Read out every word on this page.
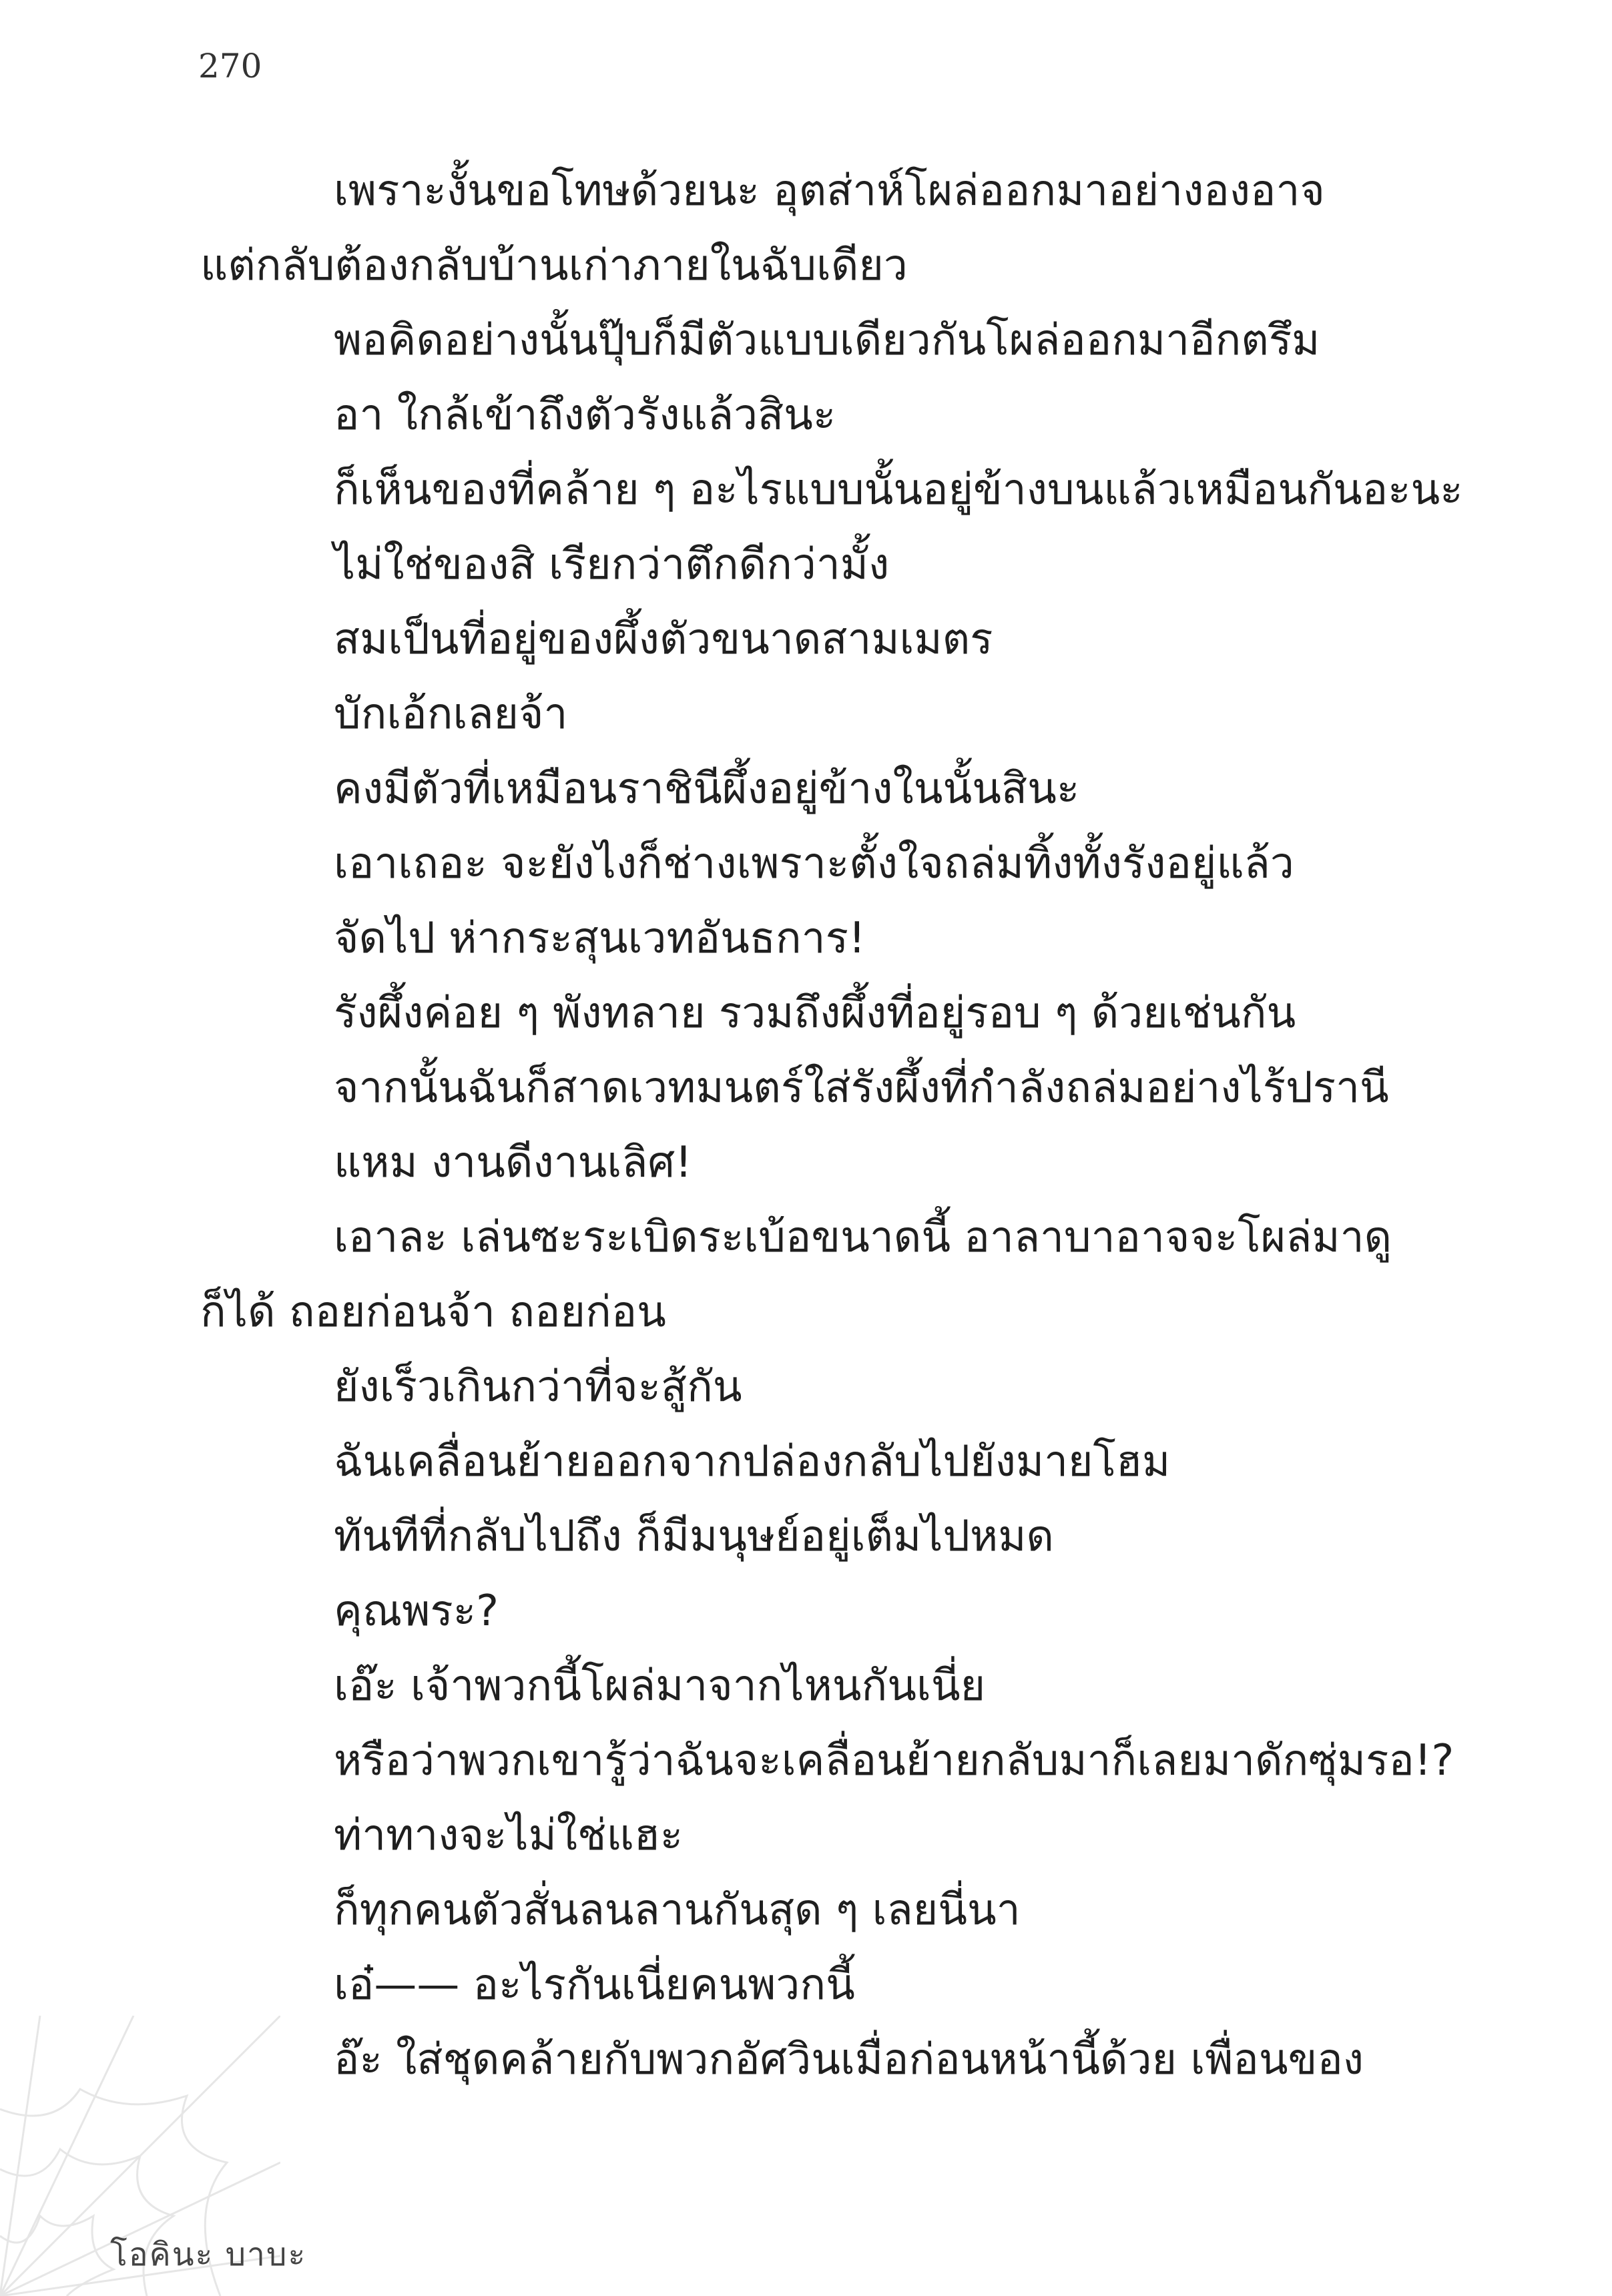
270
เพราะงั้นขอโทษด้วยนะ อุตส่าห์โผล่ออกมาอย่างองอาจ
แต่กลับต้องกลับบ้านเก่าภายในฉับเดียว
พอคิดอย่างนั้นปุ๊บก็มีตัวแบบเดียวกันโผล่ออกมาอีกตรึม
อา ใกล้เข้าถึงตัวรังแล้วสินะ
ก็เห็นของที่คล้าย ๆ อะไรแบบนั้นอยู่ข้างบนแล้วเหมือนกันอะนะ
ไม่ใช่ของสิ เรียกว่าตึกดีกว่ามั้ง
สมเป็นที่อยู่ของผึ้งตัวขนาดสามเมตร
บักเอ้กเลยจ้า
คงมีตัวที่เหมือนราชินีผึ้งอยู่ข้างในนั้นสินะ
เอาเถอะ จะยังไงก็ช่างเพราะตั้งใจถล่มทิ้งทั้งรังอยู่แล้ว
จัดไป ห่ากระสุนเวทอันธการ!
รังผึ้งค่อย ๆ พังทลาย รวมถึงผึ้งที่อยู่รอบ ๆ ด้วยเช่นกัน
จากนั้นฉันก็สาดเวทมนตร์ใส่รังผึ้งที่กำลังถล่มอย่างไร้ปรานี
แหม งานดีงานเลิศ!
เอาละ เล่นซะระเบิดระเบ้อขนาดนี้ อาลาบาอาจจะโผล่มาดู
ก็ได้ ถอยก่อนจ้า ถอยก่อน
ยังเร็วเกินกว่าที่จะสู้กัน
ฉันเคลื่อนย้ายออกจากปล่องกลับไปยังมายโฮม
ทันทีที่กลับไปถึง ก็มีมนุษย์อยู่เต็มไปหมด
คุณพระ?
เอ๊ะ เจ้าพวกนี้โผล่มาจากไหนกันเนี่ย
หรือว่าพวกเขารู้ว่าฉันจะเคลื่อนย้ายกลับมาก็เลยมาดักซุ่มรอ!?
ท่าทางจะไม่ใช่แฮะ
ก็ทุกคนตัวสั่นลนลานกันสุด ๆ เลยนี่นา
เอ๋—— อะไรกันเนี่ยคนพวกนี้
อ๊ะ ใส่ชุดคล้ายกับพวกอัศวินเมื่อก่อนหน้านี้ด้วย เพื่อนของ
โอคินะ บาบะ
